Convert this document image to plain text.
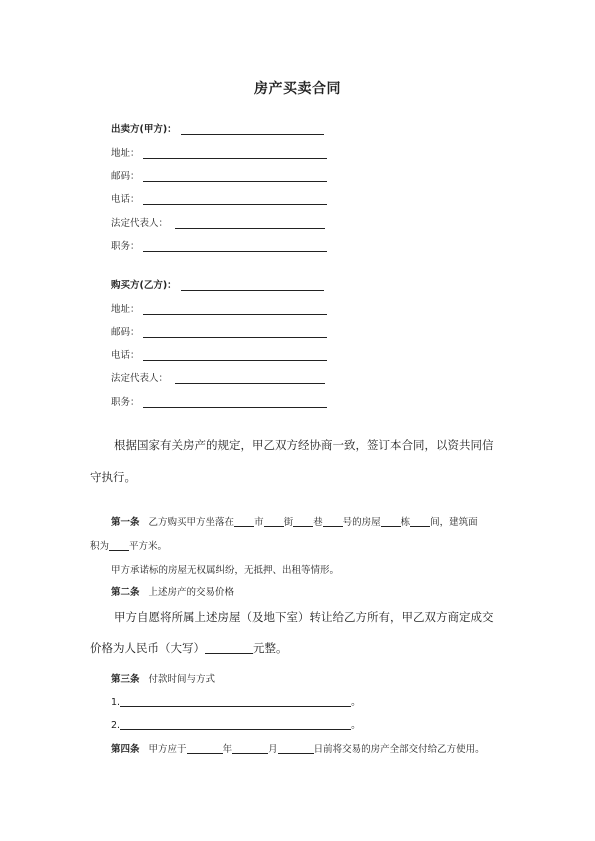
房产买卖合同
出卖方(甲方)：
地址：
邮码：
电话：
法定代表人：
职务：
购买方(乙方)：
地址：
邮码：
电话：
法定代表人：
职务：
根据国家有关房产的规定，甲乙双方经协商一致，签订本合同，以资共同信
守执行。
第一条 乙方购买甲方坐落在 市 街 巷 号的房屋 栋 间，建筑面
积为 平方米。
甲方承诺标的房屋无权属纠纷，无抵押、出租等情形。
第二条 上述房产的交易价格
甲方自愿将所属上述房屋（及地下室）转让给乙方所有，甲乙双方商定成交
价格为人民币（大写）	元整。
第三条 付款时间与方式
1.	。
2.	。
第四条 甲方应于	年	月	日前将交易的房产全部交付给乙方使用。
